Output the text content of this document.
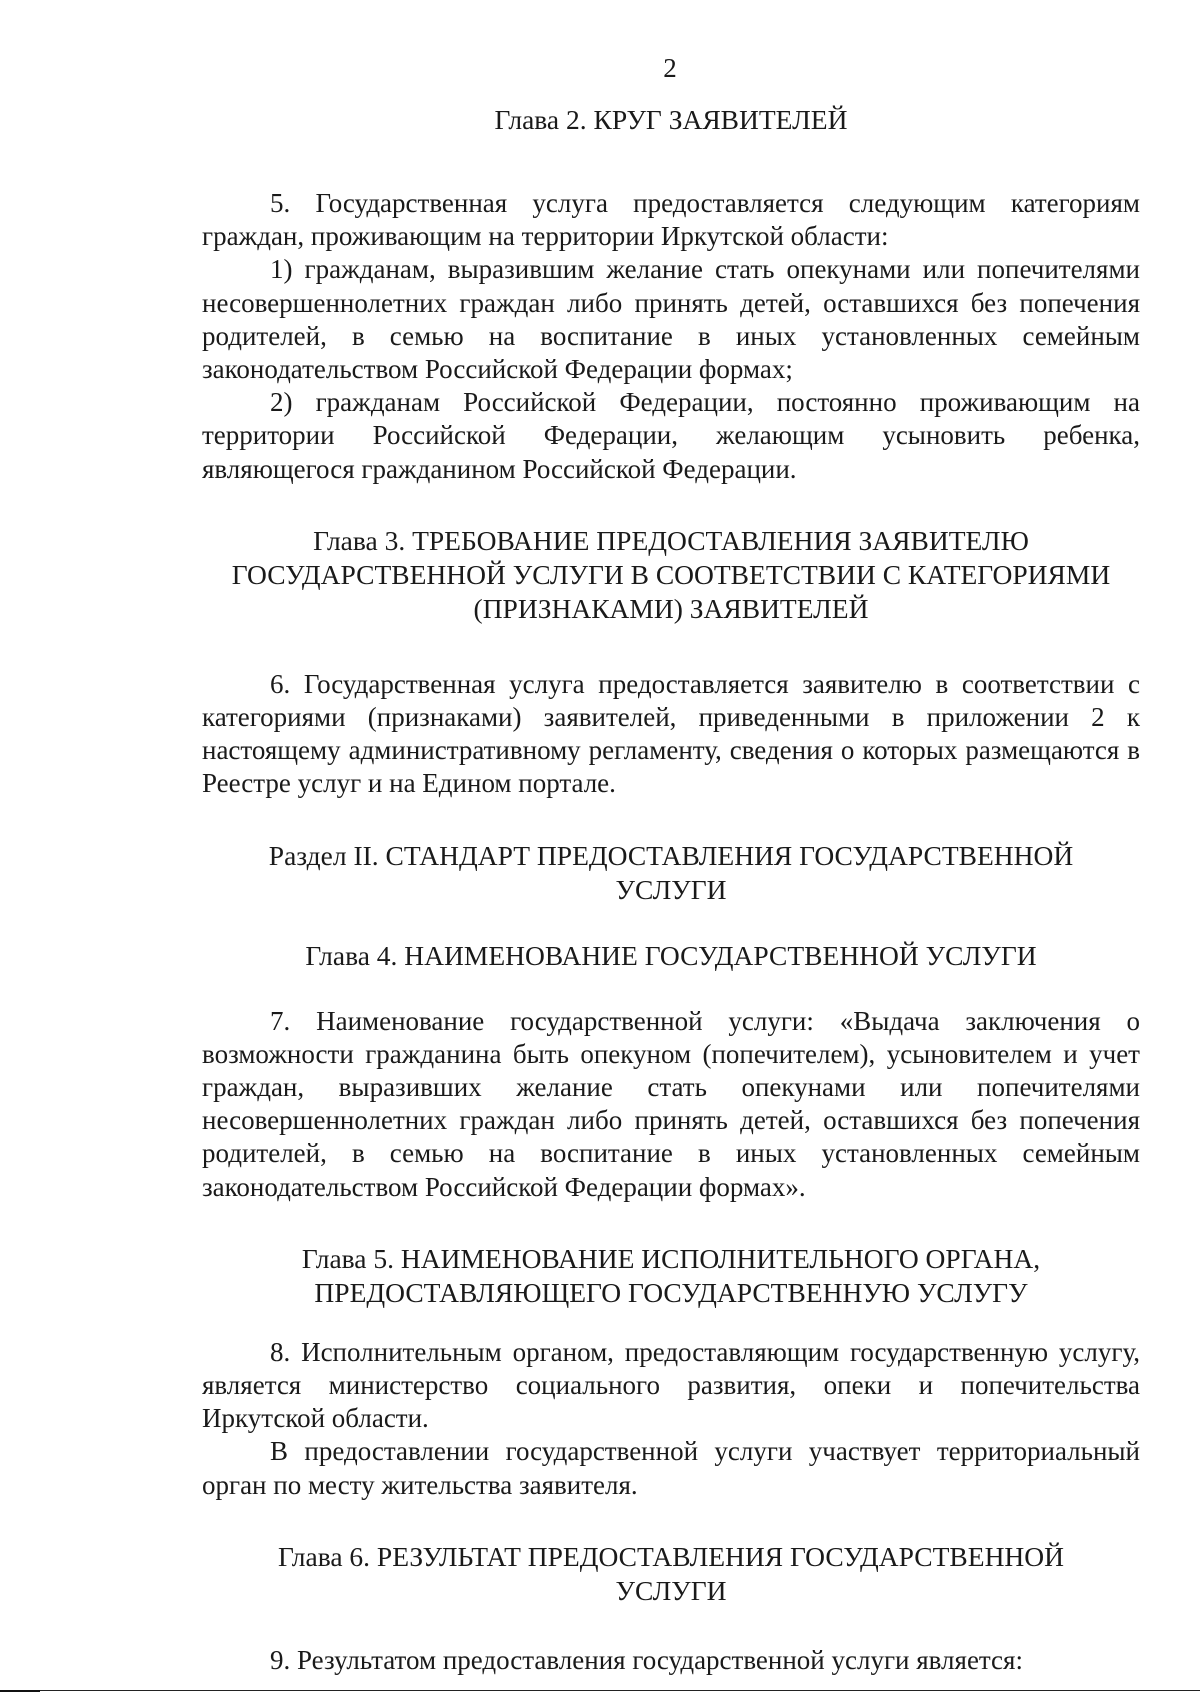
2

Глава 2. КРУГ ЗАЯВИТЕЛЕЙ

5. Государственная услуга предоставляется следующим категориям граждан, проживающим на территории Иркутской области:

1) гражданам, выразившим желание стать опекунами или попечителями несовершеннолетних граждан либо принять детей, оставшихся без попечения родителей, в семью на воспитание в иных установленных семейным законодательством Российской Федерации формах;

2) гражданам Российской Федерации, постоянно проживающим на территории Российской Федерации, желающим усыновить ребенка, являющегося гражданином Российской Федерации.

Глава 3. ТРЕБОВАНИЕ ПРЕДОСТАВЛЕНИЯ ЗАЯВИТЕЛЮ
ГОСУДАРСТВЕННОЙ УСЛУГИ В СООТВЕТСТВИИ С КАТЕГОРИЯМИ
(ПРИЗНАКАМИ) ЗАЯВИТЕЛЕЙ

6. Государственная услуга предоставляется заявителю в соответствии с категориями (признаками) заявителей, приведенными в приложении 2 к настоящему административному регламенту, сведения о которых размещаются в Реестре услуг и на Едином портале.

Раздел II. СТАНДАРТ ПРЕДОСТАВЛЕНИЯ ГОСУДАРСТВЕННОЙ
УСЛУГИ

Глава 4. НАИМЕНОВАНИЕ ГОСУДАРСТВЕННОЙ УСЛУГИ

7. Наименование государственной услуги: «Выдача заключения о возможности гражданина быть опекуном (попечителем), усыновителем и учет граждан, выразивших желание стать опекунами или попечителями несовершеннолетних граждан либо принять детей, оставшихся без попечения родителей, в семью на воспитание в иных установленных семейным законодательством Российской Федерации формах».

Глава 5. НАИМЕНОВАНИЕ ИСПОЛНИТЕЛЬНОГО ОРГАНА,
ПРЕДОСТАВЛЯЮЩЕГО ГОСУДАРСТВЕННУЮ УСЛУГУ

8. Исполнительным органом, предоставляющим государственную услугу, является министерство социального развития, опеки и попечительства Иркутской области.

В предоставлении государственной услуги участвует территориальный орган по месту жительства заявителя.

Глава 6. РЕЗУЛЬТАТ ПРЕДОСТАВЛЕНИЯ ГОСУДАРСТВЕННОЙ
УСЛУГИ

9. Результатом предоставления государственной услуги является:
